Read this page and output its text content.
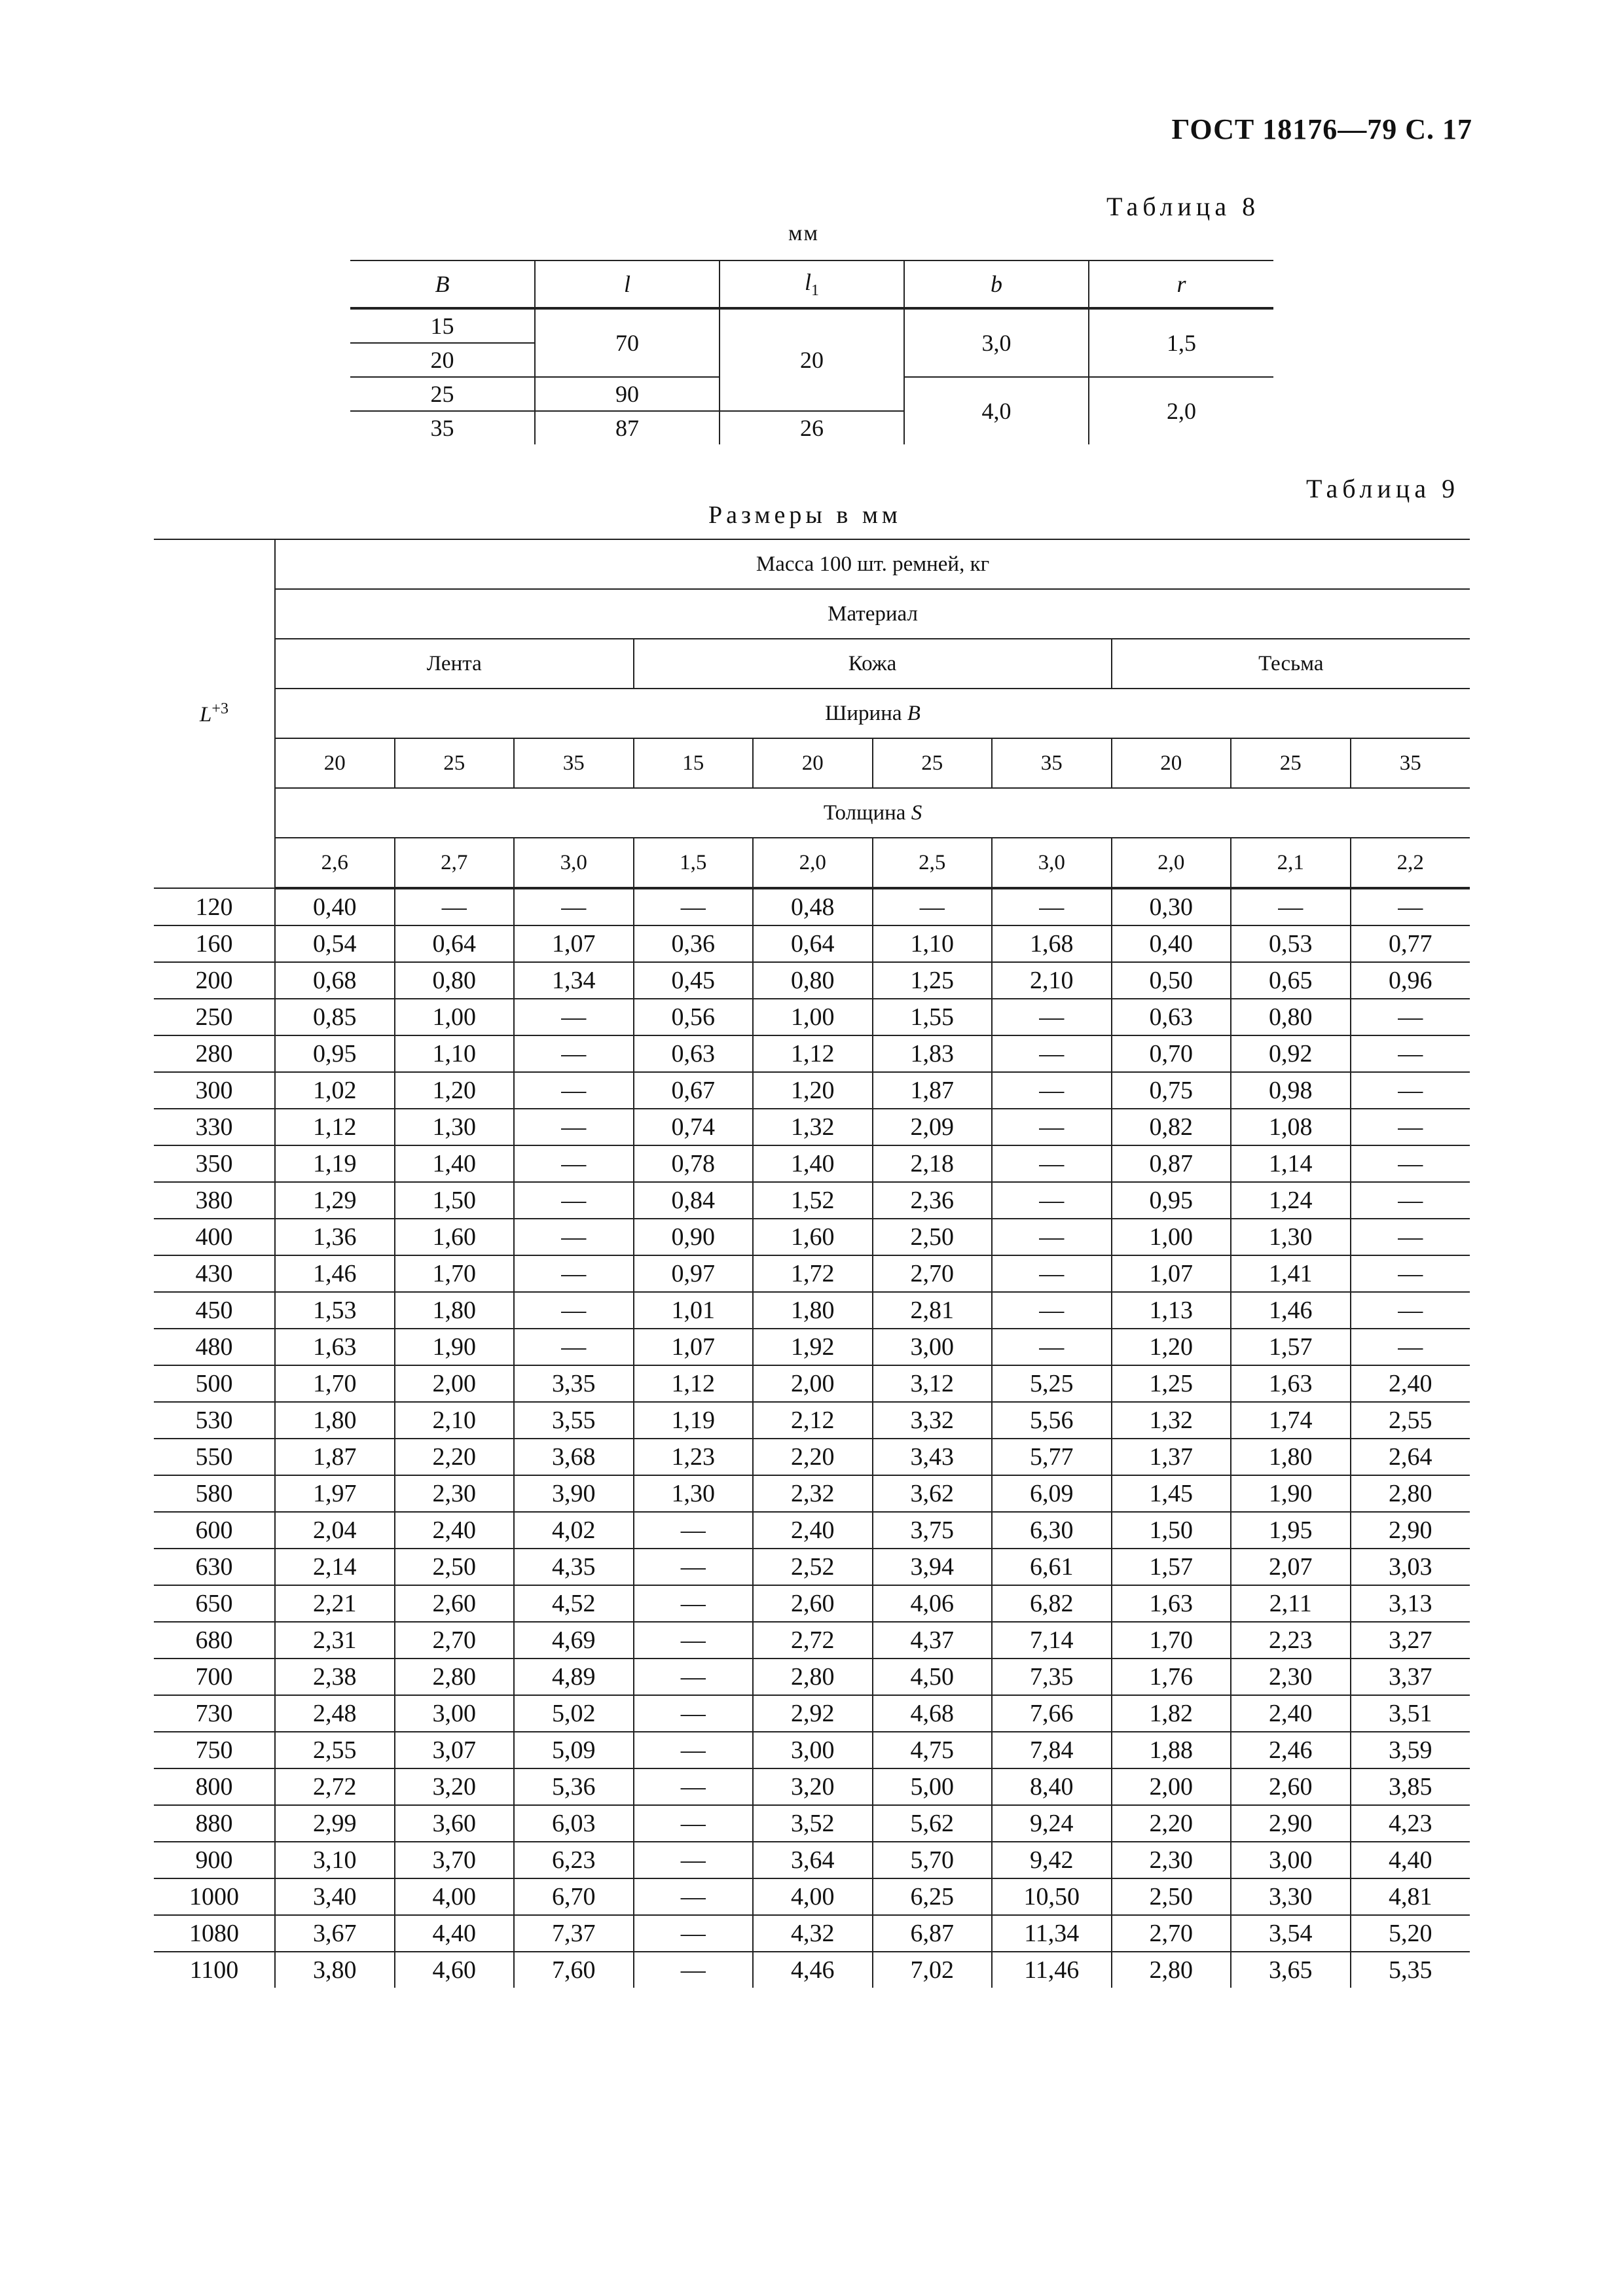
ГОСТ 18176—79 С. 17
Таблица 8
мм
B	l	$l_1$	b	r
15	70	20	3,0	1,5
20				
25	90		4,0	2,0
35	87	26		
Таблица 9
Размеры в мм
$L^{+3}$	Масса 100 шт. ремней, кг									
	Материал									
	Лента			Кожа				Тесьма		
	Ширина B									
	20	25	35	15	20	25	35	20	25	35
	Толщина S									
	2,6	2,7	3,0	1,5	2,0	2,5	3,0	2,0	2,1	2,2
120	0,40	—	—	—	0,48	—	—	0,30	—	—
160	0,54	0,64	1,07	0,36	0,64	1,10	1,68	0,40	0,53	0,77
200	0,68	0,80	1,34	0,45	0,80	1,25	2,10	0,50	0,65	0,96
250	0,85	1,00	—	0,56	1,00	1,55	—	0,63	0,80	—
280	0,95	1,10	—	0,63	1,12	1,83	—	0,70	0,92	—
300	1,02	1,20	—	0,67	1,20	1,87	—	0,75	0,98	—
330	1,12	1,30	—	0,74	1,32	2,09	—	0,82	1,08	—
350	1,19	1,40	—	0,78	1,40	2,18	—	0,87	1,14	—
380	1,29	1,50	—	0,84	1,52	2,36	—	0,95	1,24	—
400	1,36	1,60	—	0,90	1,60	2,50	—	1,00	1,30	—
430	1,46	1,70	—	0,97	1,72	2,70	—	1,07	1,41	—
450	1,53	1,80	—	1,01	1,80	2,81	—	1,13	1,46	—
480	1,63	1,90	—	1,07	1,92	3,00	—	1,20	1,57	—
500	1,70	2,00	3,35	1,12	2,00	3,12	5,25	1,25	1,63	2,40
530	1,80	2,10	3,55	1,19	2,12	3,32	5,56	1,32	1,74	2,55
550	1,87	2,20	3,68	1,23	2,20	3,43	5,77	1,37	1,80	2,64
580	1,97	2,30	3,90	1,30	2,32	3,62	6,09	1,45	1,90	2,80
600	2,04	2,40	4,02	—	2,40	3,75	6,30	1,50	1,95	2,90
630	2,14	2,50	4,35	—	2,52	3,94	6,61	1,57	2,07	3,03
650	2,21	2,60	4,52	—	2,60	4,06	6,82	1,63	2,11	3,13
680	2,31	2,70	4,69	—	2,72	4,37	7,14	1,70	2,23	3,27
700	2,38	2,80	4,89	—	2,80	4,50	7,35	1,76	2,30	3,37
730	2,48	3,00	5,02	—	2,92	4,68	7,66	1,82	2,40	3,51
750	2,55	3,07	5,09	—	3,00	4,75	7,84	1,88	2,46	3,59
800	2,72	3,20	5,36	—	3,20	5,00	8,40	2,00	2,60	3,85
880	2,99	3,60	6,03	—	3,52	5,62	9,24	2,20	2,90	4,23
900	3,10	3,70	6,23	—	3,64	5,70	9,42	2,30	3,00	4,40
1000	3,40	4,00	6,70	—	4,00	6,25	10,50	2,50	3,30	4,81
1080	3,67	4,40	7,37	—	4,32	6,87	11,34	2,70	3,54	5,20
1100	3,80	4,60	7,60	—	4,46	7,02	11,46	2,80	3,65	5,35
